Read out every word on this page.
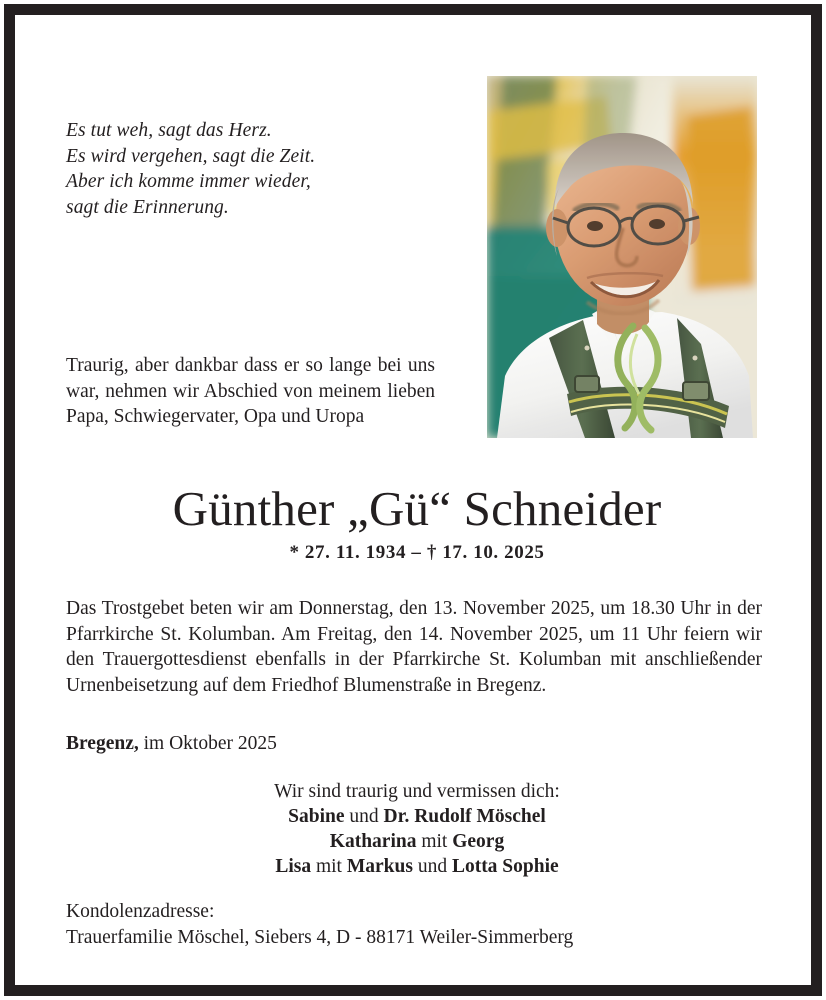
Es tut weh, sagt das Herz.
Es wird vergehen, sagt die Zeit.
Aber ich komme immer wieder,
sagt die Erinnerung.
Traurig, aber dankbar dass er so lange bei uns war, nehmen wir Abschied von meinem lieben Papa, Schwiegervater, Opa und Uropa
Günther „Gü“ Schneider
* 27. 11. 1934 – † 17. 10. 2025
Das Trostgebet beten wir am Donnerstag, den 13. November 2025, um 18.30 Uhr in der Pfarrkirche St. Kolumban. Am Freitag, den 14. November 2025, um 11 Uhr feiern wir den Trauergottesdienst ebenfalls in der Pfarrkirche St. Kolumban mit anschließender Urnenbeisetzung auf dem Friedhof Blumenstraße in Bregenz.
Bregenz, im Oktober 2025
Wir sind traurig und vermissen dich:
Sabine und Dr. Rudolf Möschel
Katharina mit Georg
Lisa mit Markus und Lotta Sophie
Kondolenzadresse:
Trauerfamilie Möschel, Siebers 4, D - 88171 Weiler-Simmerberg
